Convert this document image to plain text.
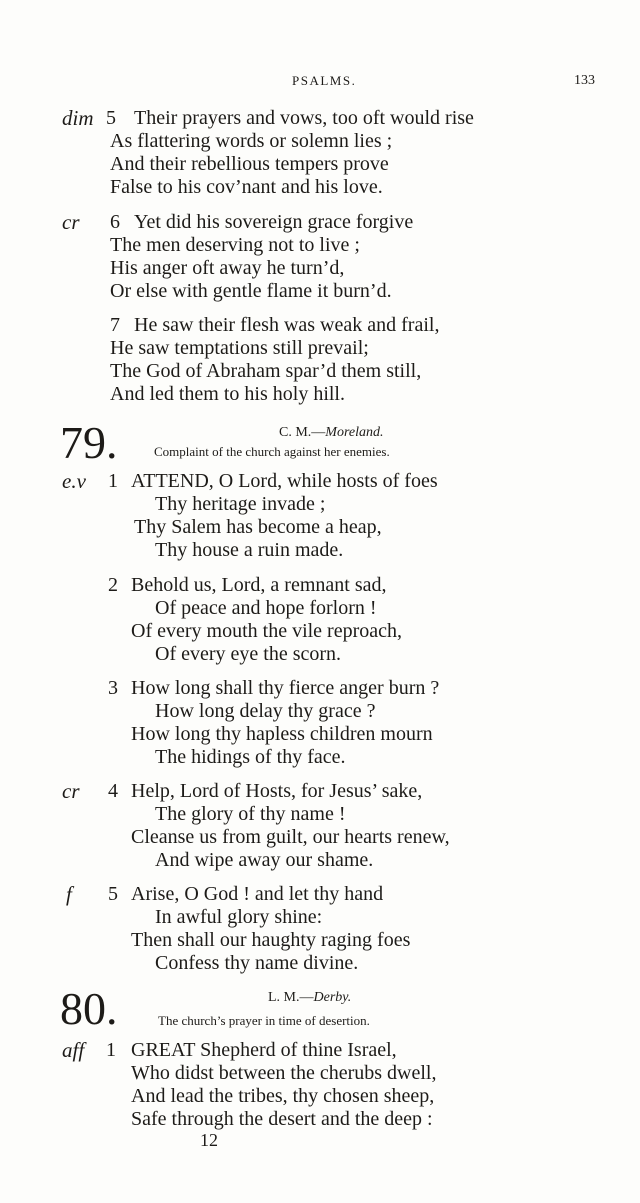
PSALMS.	133
dim 5 Their prayers and vows, too oft would rise
As flattering words or solemn lies ;
And their rebellious tempers prove
False to his cov’nant and his love.
cr 6 Yet did his sovereign grace forgive
The men deserving not to live ;
His anger oft away he turn’d,
Or else with gentle flame it burn’d.
7 He saw their flesh was weak and frail,
He saw temptations still prevail;
The God of Abraham spar’d them still,
And led them to his holy hill.
79.	C. M.—Moreland.
Complaint of the church against her enemies.
e.v 1 ATTEND, O Lord, while hosts of foes
Thy heritage invade ;
Thy Salem has become a heap,
Thy house a ruin made.
2 Behold us, Lord, a remnant sad,
Of peace and hope forlorn !
Of every mouth the vile reproach,
Of every eye the scorn.
3 How long shall thy fierce anger burn ?
How long delay thy grace ?
How long thy hapless children mourn
The hidings of thy face.
cr 4 Help, Lord of Hosts, for Jesus’ sake,
The glory of thy name !
Cleanse us from guilt, our hearts renew,
And wipe away our shame.
f 5 Arise, O God ! and let thy hand
In awful glory shine:
Then shall our haughty raging foes
Confess thy name divine.
80.	L. M.—Derby.
The church’s prayer in time of desertion.
aff 1 GREAT Shepherd of thine Israel,
Who didst between the cherubs dwell,
And lead the tribes, thy chosen sheep,
Safe through the desert and the deep :
12
